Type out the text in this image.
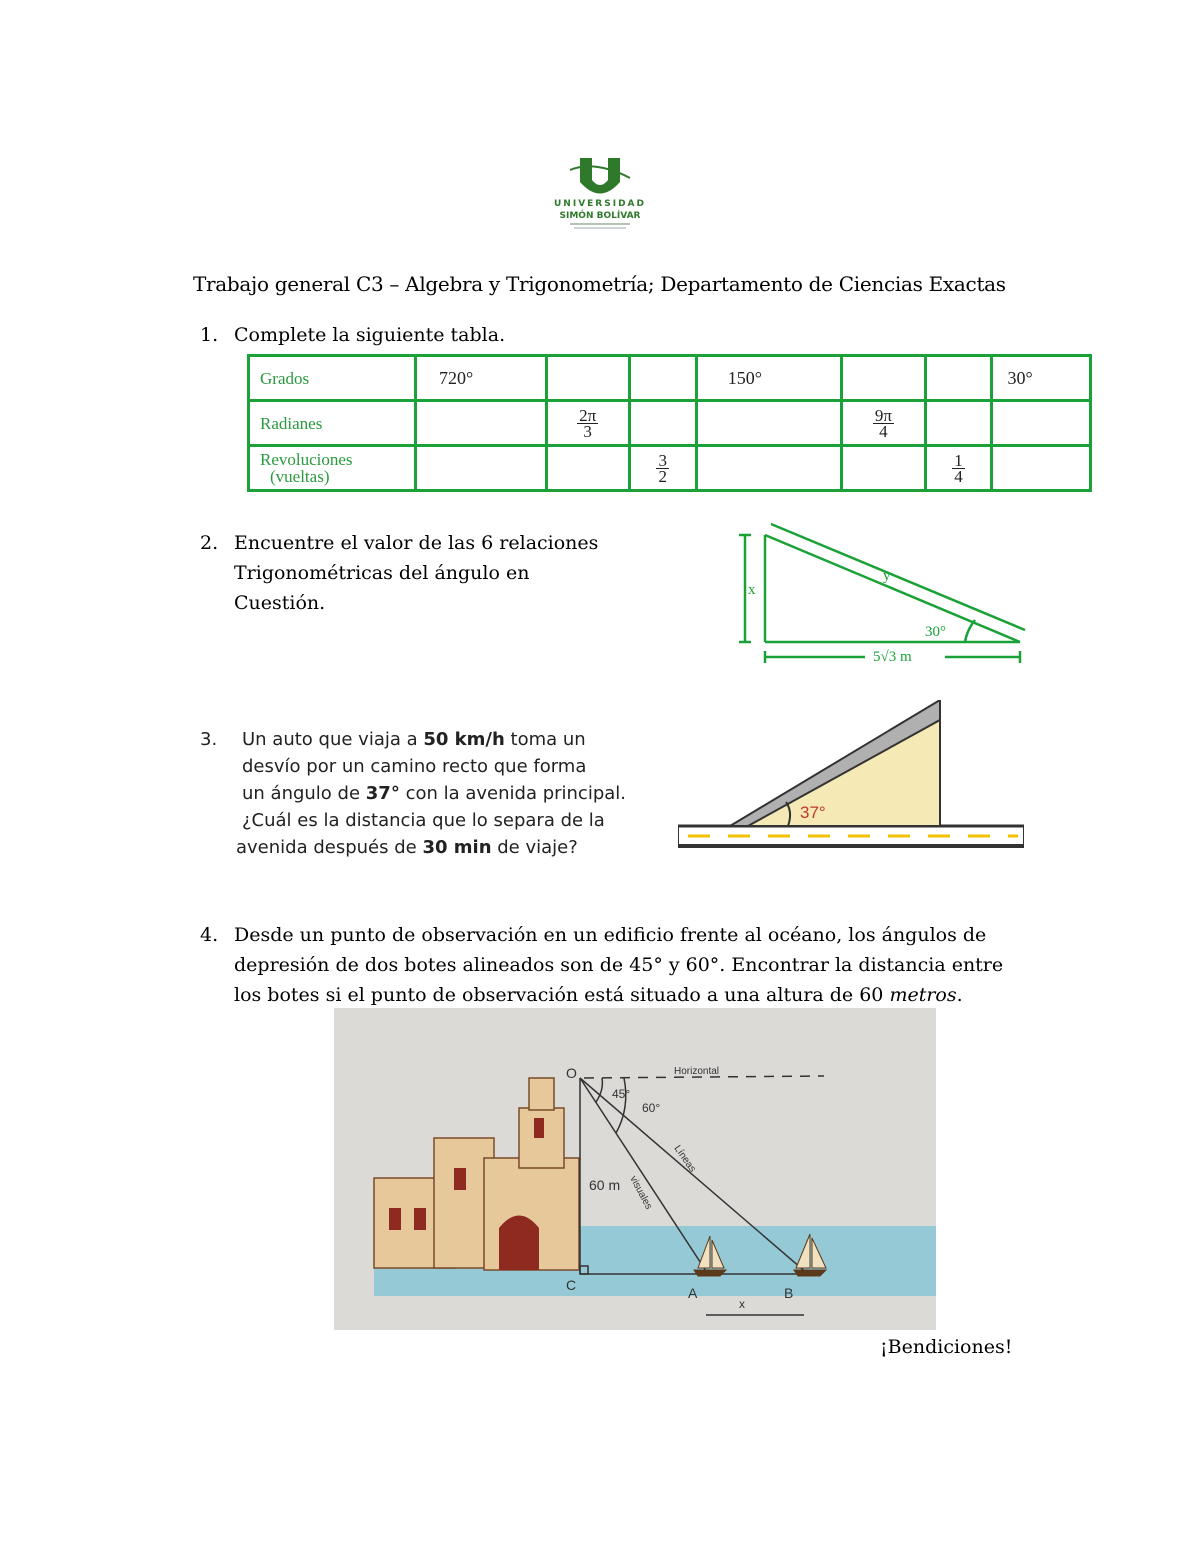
UNIVERSIDAD
SIMÓN BOLÍVAR
Trabajo general C3 – Algebra y Trigonometría; Departamento de Ciencias Exactas
1. Complete la siguiente tabla.
Grados	720°			150°			30°
Radianes		$\frac{2\pi}{3}$			$\frac{9\pi}{4}$

Revoluciones
(vueltas)			$\frac{3}{2}$			$\frac{1}{4}$

2. Encuentre el valor de las 6 relaciones
Trigonométricas del ángulo en
Cuestión.
x
y
30°
5√3 m
3. Un auto que viaja a 50 km/h toma un
desvío por un camino recto que forma
un ángulo de 37° con la avenida principal.
¿Cuál es la distancia que lo separa de la
avenida después de 30 min de viaje?
37°
4. Desde un punto de observación en un edificio frente al océano, los ángulos de
depresión de dos botes alineados son de 45° y 60°. Encontrar la distancia entre
los botes si el punto de observación está situado a una altura de 60 metros.
O
C	A	B
x
Horizontal
45°
60°
60 m
Líneas
visuales
¡Bendiciones!
